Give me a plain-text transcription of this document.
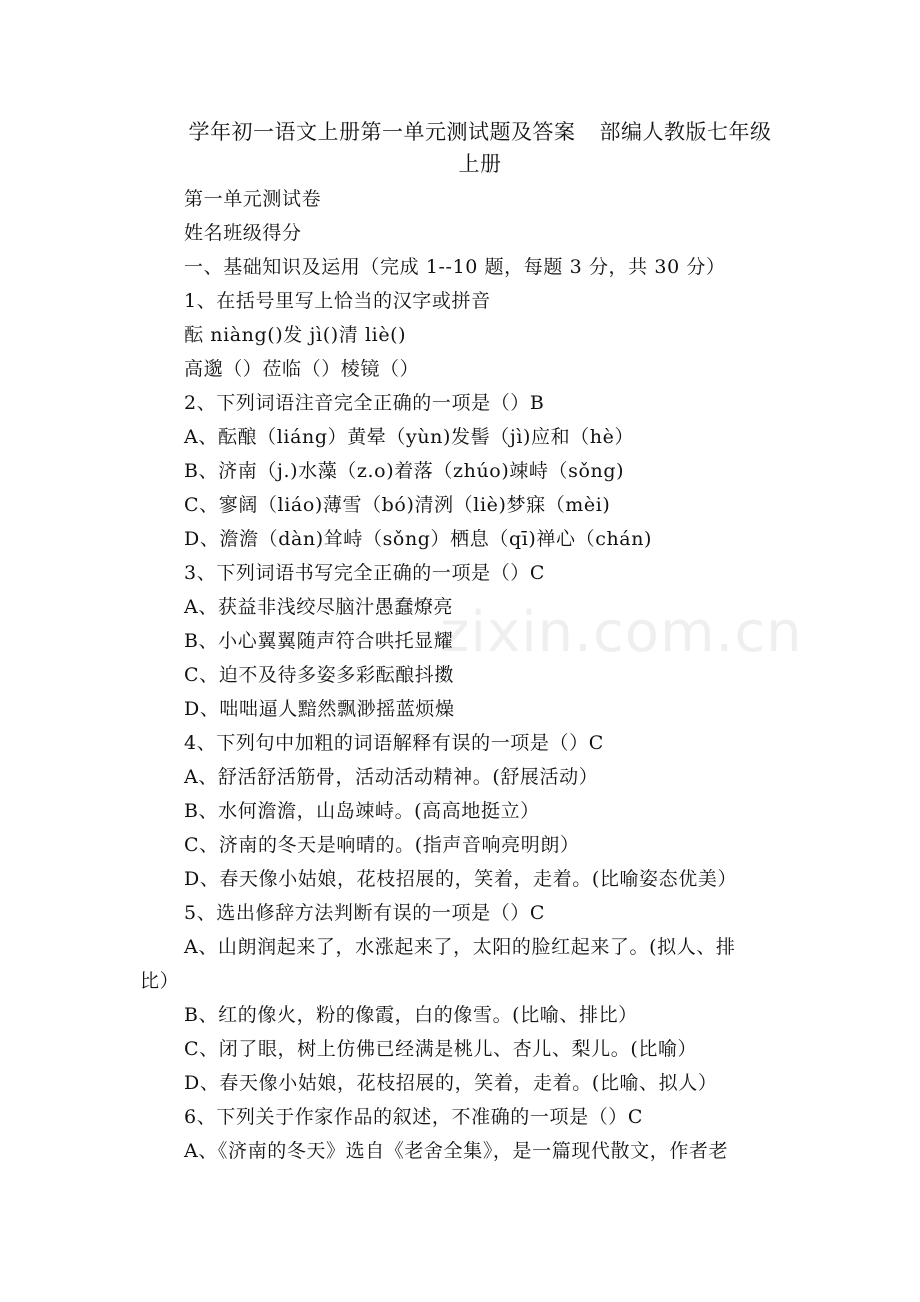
学年初一语文上册第一单元测试题及答案 部编人教版七年级
上册
第一单元测试卷
姓名班级得分
一、基础知识及运用（完成 1--10 题，每题 3 分，共 30 分）
1、在括号里写上恰当的汉字或拼音
酝 niàng()发 jì()清 liè()
高邈（）莅临（）棱镜（）
2、下列词语注音完全正确的一项是（）B
A、酝酿（liáng）黄晕（yùn)发髻（jì)应和（hè）
B、济南（j.)水藻（z.o)着落（zhúo)竦峙（sǒng)
C、寥阔（liáo)薄雪（bó)清洌（liè)梦寐（mèi)
D、澹澹（dàn)耸峙（sǒng）栖息（qī)禅心（chán)
3、下列词语书写完全正确的一项是（）C
A、获益非浅绞尽脑汁愚蠢燎亮
B、小心翼翼随声符合哄托显耀
C、迫不及待多姿多彩酝酿抖擞
D、咄咄逼人黯然飘渺摇蓝烦燥
4、下列句中加粗的词语解释有误的一项是（）C
A、舒活舒活筋骨，活动活动精神。(舒展活动）
B、水何澹澹，山岛竦峙。(高高地挺立）
C、济南的冬天是响晴的。(指声音响亮明朗）
D、春天像小姑娘，花枝招展的，笑着，走着。(比喻姿态优美）
5、选出修辞方法判断有误的一项是（）C
A、山朗润起来了，水涨起来了，太阳的脸红起来了。(拟人、排
比）
B、红的像火，粉的像霞，白的像雪。(比喻、排比）
C、闭了眼，树上仿佛已经满是桃儿、杏儿、梨儿。(比喻）
D、春天像小姑娘，花枝招展的，笑着，走着。(比喻、拟人）
6、下列关于作家作品的叙述，不准确的一项是（）C
A、《济南的冬天》选自《老舍全集》，是一篇现代散文，作者老
zixin.com.cn
